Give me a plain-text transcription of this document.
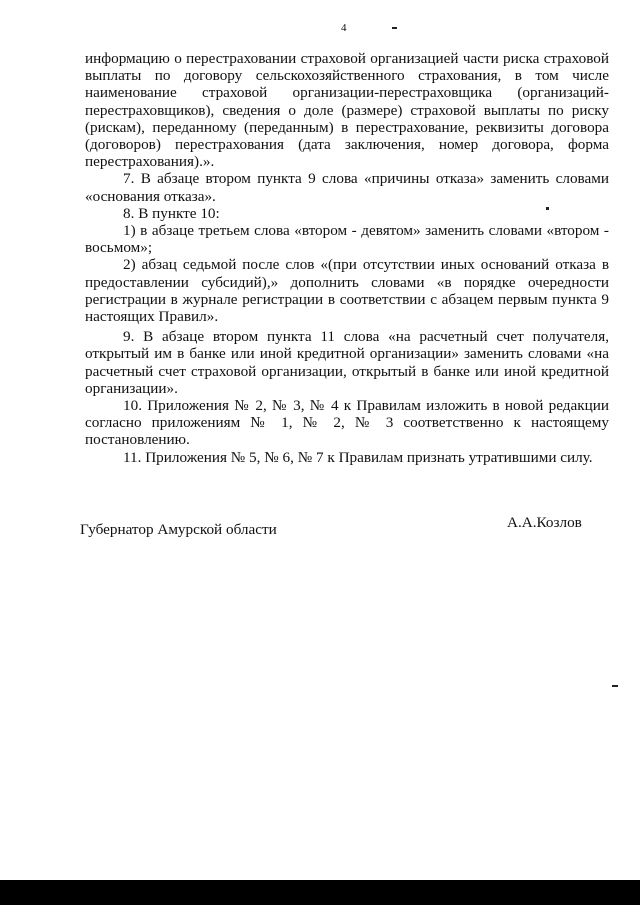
4

информацию о перестраховании страховой организацией части риска страховой выплаты по договору сельскохозяйственного страхования, в том числе наименование страховой организации-перестраховщика (организаций-перестраховщиков), сведения о доле (размере) страховой выплаты по риску (рискам), переданному (переданным) в перестрахование, реквизиты договора (договоров) перестрахования (дата заключения, номер договора, форма перестрахования).».

7. В абзаце втором пункта 9 слова «причины отказа» заменить словами «основания отказа».

8. В пункте 10:

1) в абзаце третьем слова «втором - девятом» заменить словами «втором - восьмом»;

2) абзац седьмой после слов «(при отсутствии иных оснований отказа в предоставлении субсидий),» дополнить словами «в порядке очередности регистрации в журнале регистрации в соответствии с абзацем первым пункта 9 настоящих Правил».

9. В абзаце втором пункта 11 слова «на расчетный счет получателя, открытый им в банке или иной кредитной организации» заменить словами «на расчетный счет страховой организации, открытый в банке или иной кредитной организации».

10. Приложения № 2, № 3, № 4 к Правилам изложить в новой редакции согласно приложениям № 1, № 2, № 3 соответственно к настоящему постановлению.

11. Приложения № 5, № 6, № 7 к Правилам признать утратившими силу.

Губернатор Амурской области	А.А.Козлов
